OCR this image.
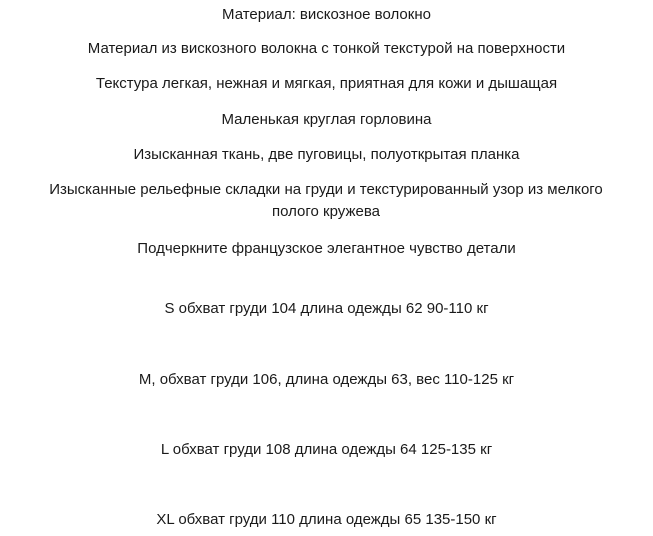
Материал: вискозное волокно
Материал из вискозного волокна с тонкой текстурой на поверхности
Текстура легкая, нежная и мягкая, приятная для кожи и дышащая
Маленькая круглая горловина
Изысканная ткань, две пуговицы, полуоткрытая планка
Изысканные рельефные складки на груди и текстурированный узор из мелкого полого кружева
Подчеркните французское элегантное чувство детали
S обхват груди 104 длина одежды 62 90-110 кг
M, обхват груди 106, длина одежды 63, вес 110-125 кг
L обхват груди 108 длина одежды 64 125-135 кг
XL обхват груди 110 длина одежды 65 135-150 кг
